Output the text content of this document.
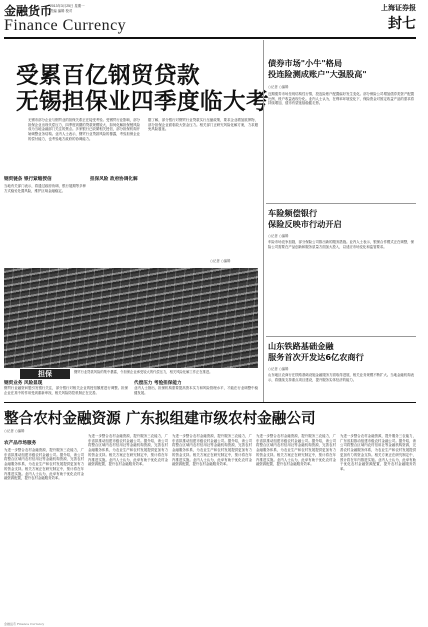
金融货币
2013年3月25日 星期一
责编 编辑 校对
Finance Currency
上海证券报
封七
受累百亿钢贸贷款
无锡担保业四季度临大考
无锡市部分企业与钢贸业的担保关系正在接受考验。受钢贸行业影响，部分担保企业出现代偿压力，四季度到期的贷款规模较大，如何化解担保链风险成为当地金融部门关注的焦点。多家银行已收紧相关授信，部分担保机构开始调整业务结构。业内人士表示，钢贸行业贷款风险的暴露，考验担保企业的偿付能力，也考验地方政府的协调能力。
据了解，部分银行对钢贸行业贷款实行压缩政策，要求企业增加抵押物，部分担保企业面临较大资金压力。相关部门正研究风险化解方案，力求避免风险蔓延。
○记者 ○编辑
担保	钢贸行业贷款风险的集中暴露，令担保企业承受较大的代偿压力，相关风险化解工作正在推进。
钢贸链条 银行紧缩授信
当地有关部门表示，将通过政府协调、银行展期等多种方式稳妥处置风险，维护区域金融稳定。
担保风险 政府协调化解
钢贸业务 风险显现
钢贸行业融资问题引发银行关注，部分银行对相关企业的授信额度进行调整。担保企业在其中的作用受到重新审视，相关风险防控机制正在完善。
代偿压力 考验担保能力
业内人士指出，担保机构需要提高资本实力和风险管理水平，才能在行业调整中稳健发展。
债券市场"小牛"格局
投连险测成账户"大强股高"
○记者 ○编辑
近期债券市场呈现结构性行情，投连险账户配置偏好发生变化。部分保险公司增加债券类资产配置比例，账户收益表现分化。业内人士认为，在利率环境变化下，保险资金对固定收益产品的需求将持续增加，债市有望延续稳健走势。
车险频偿银行
保险反映市行动开启
○记者 ○编辑
车险市场竞争加剧，部分保险公司推出新的服务措施。业内人士表示，银保合作模式正在调整，保险公司需要在产品创新和服务质量方面加大投入，以适应市场变化和监管要求。
山东铁路基础金融
服务首次开发达6亿农商行
○记者 ○编辑
山东地区农商行在铁路基础设施金融服务方面取得进展，相关业务规模不断扩大。当地金融机构表示，将继续支持重点项目建设，提升服务实体经济的能力。
整合农村金融资源 广东拟组建市级农村金融公司
○记者 ○编辑
农产品市场服务
为进一步整合农村金融资源，提升服务三农能力，广东省拟推动组建市级农村金融公司。据介绍，该公司将整合区域内农村信用社等金融机构资源，完善农村金融服务体系，为农业生产和农村发展提供更加有力的资金支持。相关方案正在研究制定中，预计将在年内推进实施。业内人士认为，此举有助于优化农村金融资源配置，提升农村金融服务效率。
为进一步整合农村金融资源，提升服务三农能力，广东省拟推动组建市级农村金融公司。据介绍，该公司将整合区域内农村信用社等金融机构资源，完善农村金融服务体系，为农业生产和农村发展提供更加有力的资金支持。相关方案正在研究制定中，预计将在年内推进实施。业内人士认为，此举有助于优化农村金融资源配置，提升农村金融服务效率。
为进一步整合农村金融资源，提升服务三农能力，广东省拟推动组建市级农村金融公司。据介绍，该公司将整合区域内农村信用社等金融机构资源，完善农村金融服务体系，为农业生产和农村发展提供更加有力的资金支持。相关方案正在研究制定中，预计将在年内推进实施。业内人士认为，此举有助于优化农村金融资源配置，提升农村金融服务效率。
为进一步整合农村金融资源，提升服务三农能力，广东省拟推动组建市级农村金融公司。据介绍，该公司将整合区域内农村信用社等金融机构资源，完善农村金融服务体系，为农业生产和农村发展提供更加有力的资金支持。相关方案正在研究制定中，预计将在年内推进实施。业内人士认为，此举有助于优化农村金融资源配置，提升农村金融服务效率。
为进一步整合农村金融资源，提升服务三农能力，广东省拟推动组建市级农村金融公司。据介绍，该公司将整合区域内农村信用社等金融机构资源，完善农村金融服务体系，为农业生产和农村发展提供更加有力的资金支持。相关方案正在研究制定中，预计将在年内推进实施。业内人士认为，此举有助于优化农村金融资源配置，提升农村金融服务效率。
金融货币 Finance Currency
